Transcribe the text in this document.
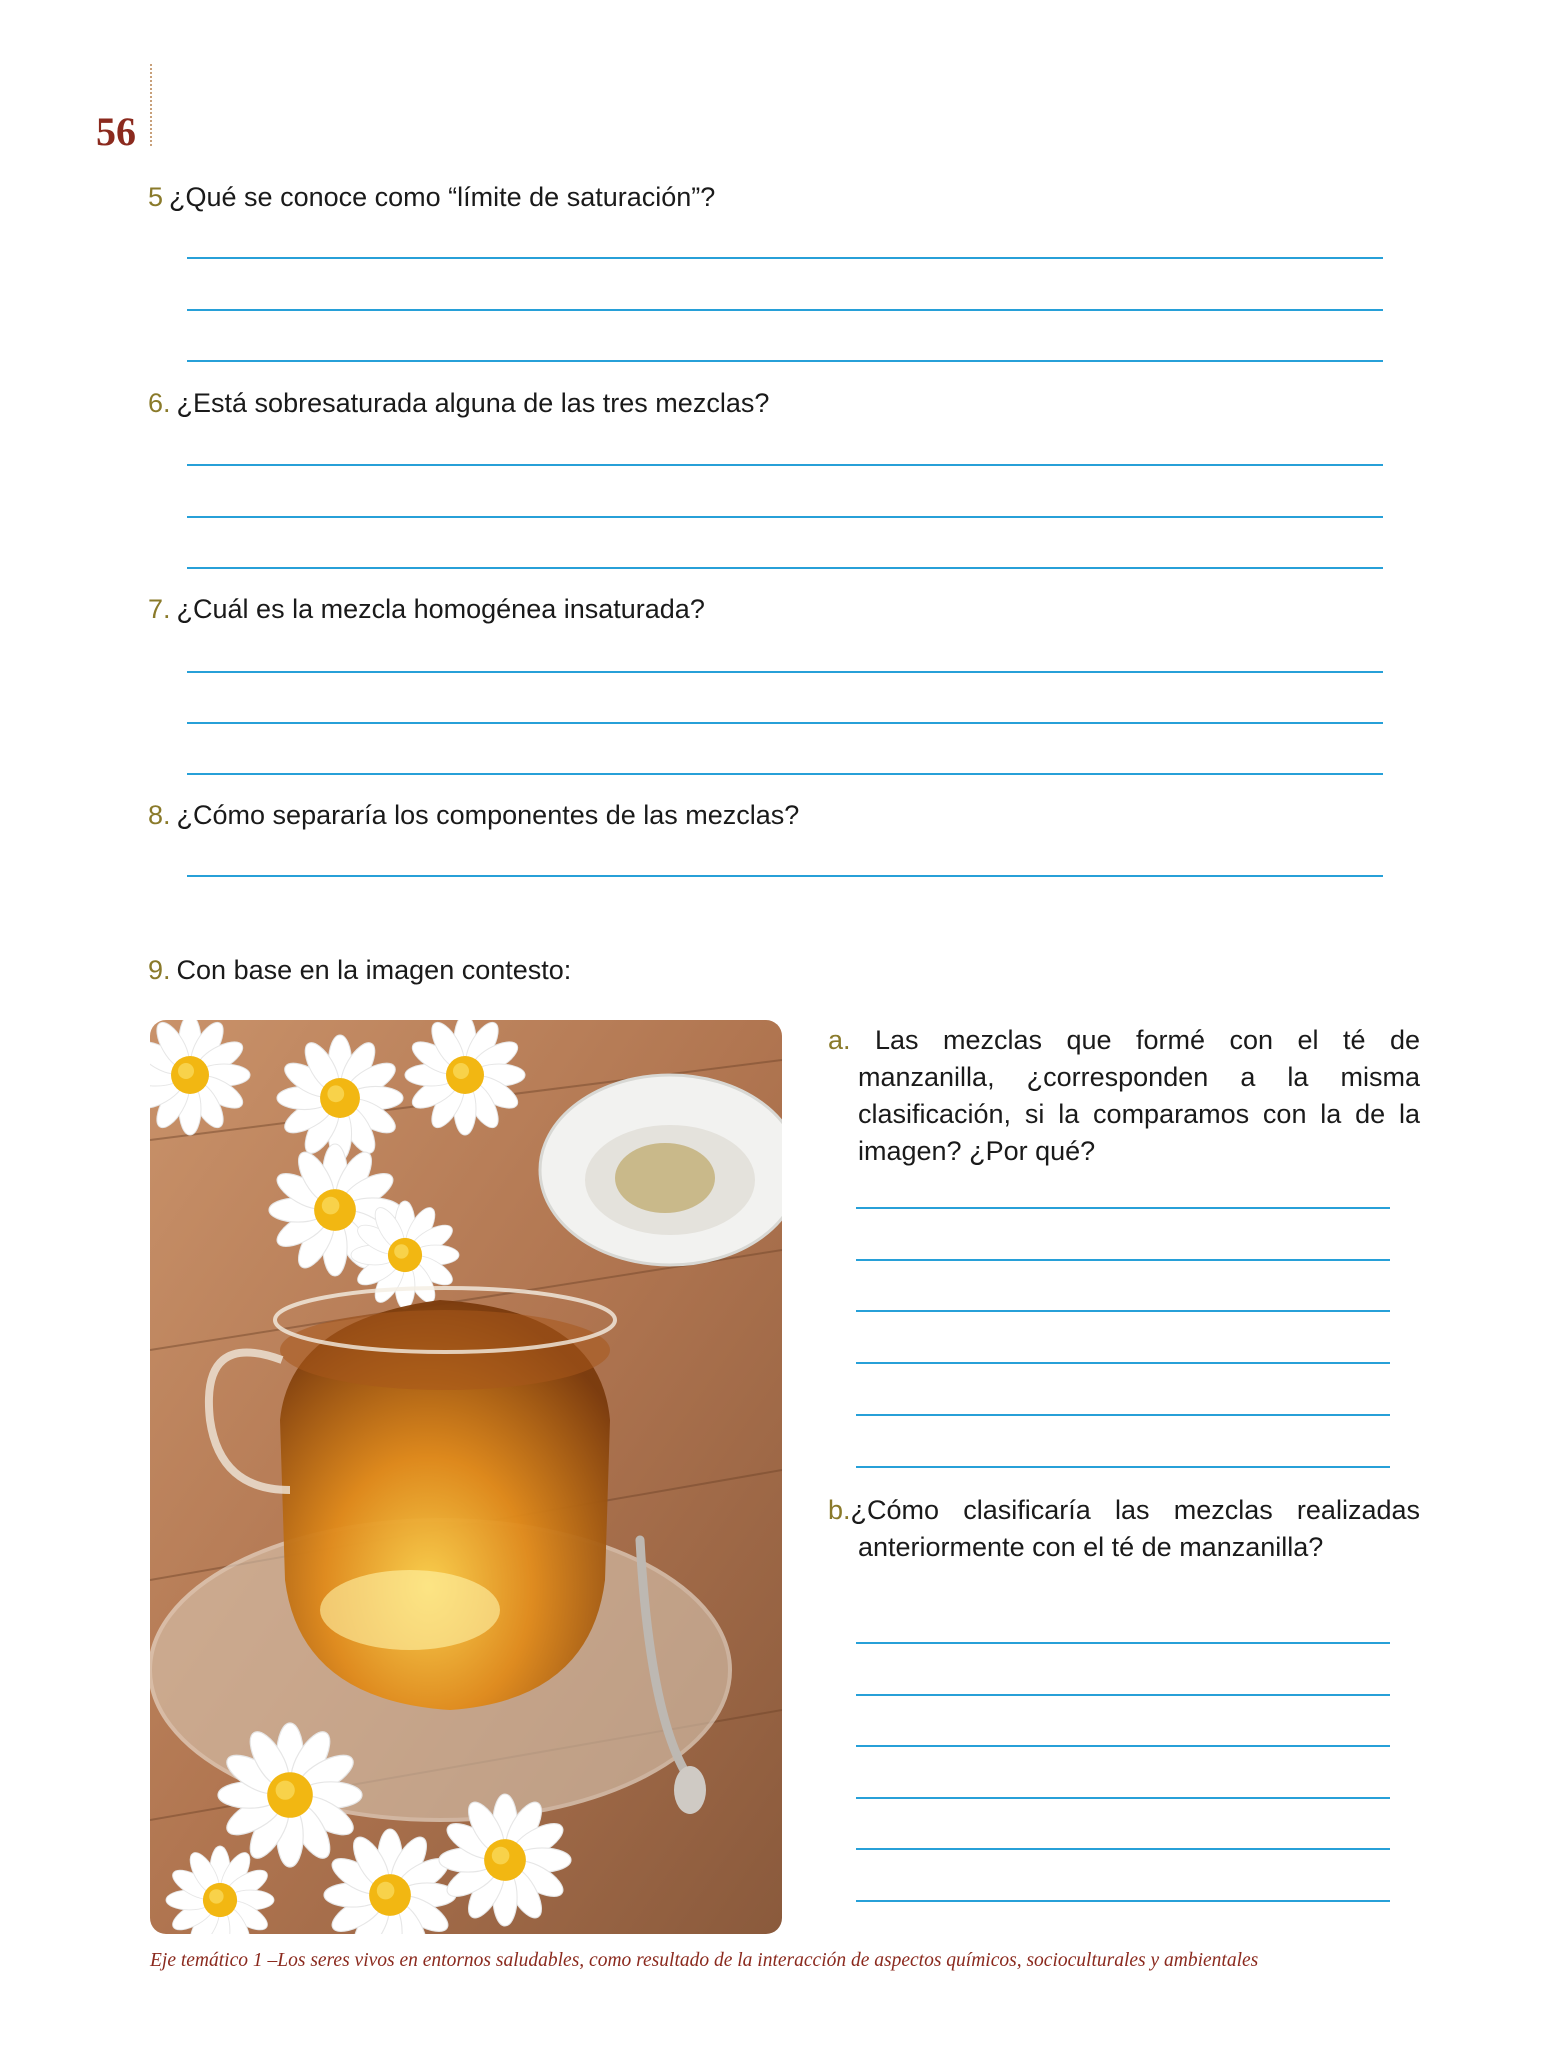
56
5 ¿Qué se conoce como “límite de saturación”?
6. ¿Está sobresaturada alguna de las tres mezclas?
7. ¿Cuál es la mezcla homogénea insaturada?
8. ¿Cómo separaría los componentes de las mezclas?
9. Con base en la imagen contesto:
a. Las mezclas que formé con el té de manzanilla, ¿corresponden a la misma clasificación, si la comparamos con la de la imagen? ¿Por qué?
b.¿Cómo clasificaría las mezclas realizadas anteriormente con el té de manzanilla?
Eje temático 1 –Los seres vivos en entornos saludables, como resultado de la interacción de aspectos químicos, socioculturales y ambientales
